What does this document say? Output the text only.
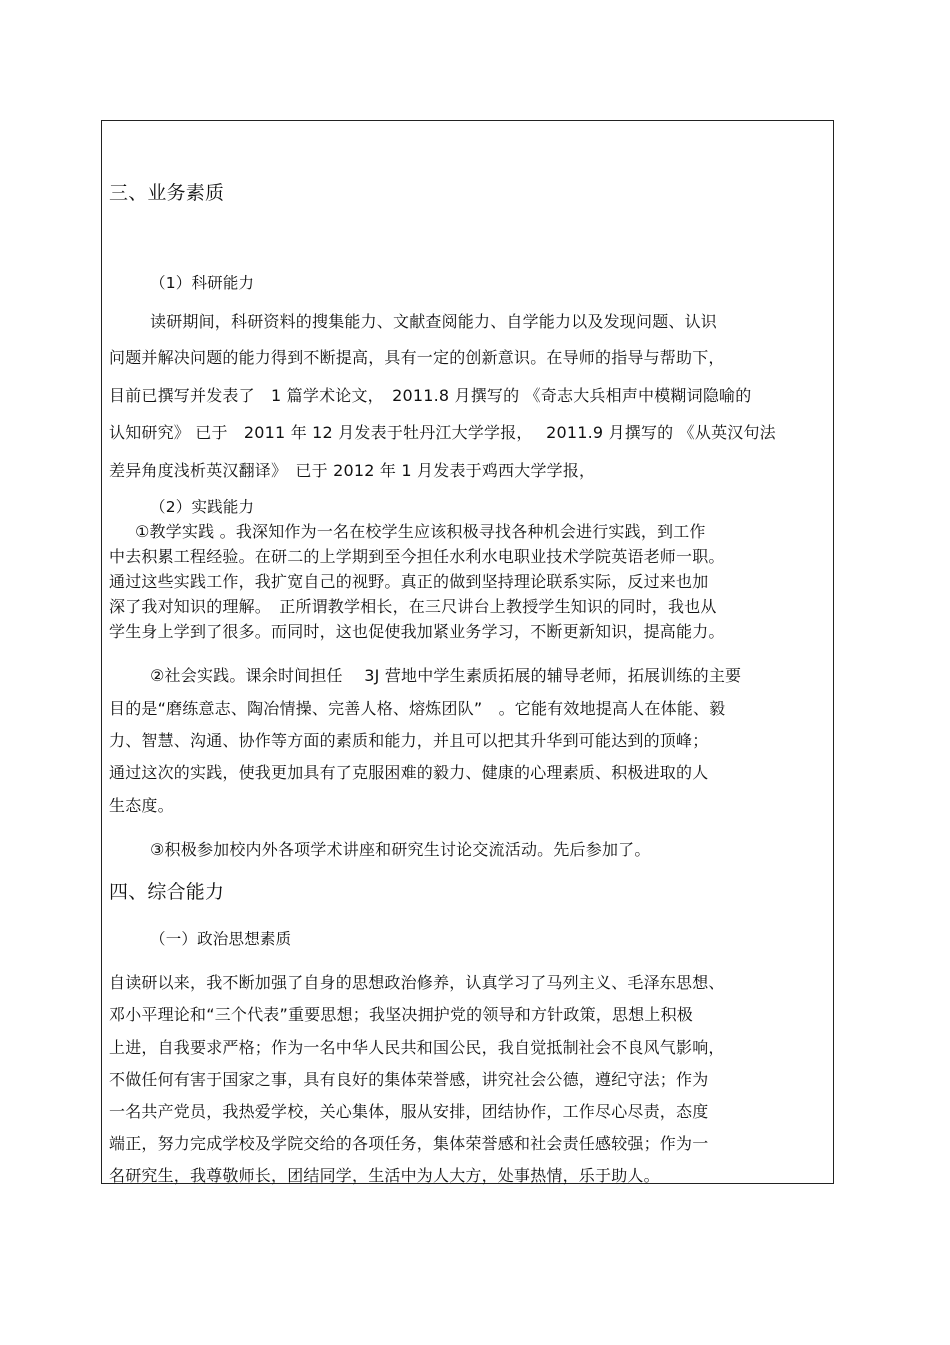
三、业务素质
（1）科研能力
读研期间，科研资料的搜集能力、文献查阅能力、自学能力以及发现问题、认识
问题并解决问题的能力得到不断提高，具有一定的创新意识。在导师的指导与帮助下，
目前已撰写并发表了　1 篇学术论文，　2011.8 月撰写的 《奇志大兵相声中模糊词隐喻的
认知研究》 已于　2011 年 12 月发表于牡丹江大学学报，　 2011.9 月撰写的 《从英汉句法
差异角度浅析英汉翻译》　已于 2012 年 1 月发表于鸡西大学学报，
（2）实践能力
①教学实践 。我深知作为一名在校学生应该积极寻找各种机会进行实践，到工作
中去积累工程经验。在研二的上学期到至今担任水利水电职业技术学院英语老师一职。
通过这些实践工作，我扩宽自己的视野。真正的做到坚持理论联系实际，反过来也加
深了我对知识的理解。　正所谓教学相长，在三尺讲台上教授学生知识的同时，我也从
学生身上学到了很多。而同时，这也促使我加紧业务学习，不断更新知识，提高能力。
②社会实践。课余时间担任　 3J 营地中学生素质拓展的辅导老师，拓展训练的主要
目的是“磨练意志、陶冶情操、完善人格、熔炼团队”　。它能有效地提高人在体能、毅
力、智慧、沟通、协作等方面的素质和能力，并且可以把其升华到可能达到的顶峰；
通过这次的实践，使我更加具有了克服困难的毅力、健康的心理素质、积极进取的人
生态度。
③积极参加校内外各项学术讲座和研究生讨论交流活动。先后参加了。
四、综合能力
（一）政治思想素质
自读研以来，我不断加强了自身的思想政治修养，认真学习了马列主义、毛泽东思想、
邓小平理论和“三个代表”重要思想；我坚决拥护党的领导和方针政策，思想上积极
上进，自我要求严格；作为一名中华人民共和国公民，我自觉抵制社会不良风气影响，
不做任何有害于国家之事，具有良好的集体荣誉感，讲究社会公德，遵纪守法；作为
一名共产党员，我热爱学校，关心集体，服从安排，团结协作，工作尽心尽责，态度
端正，努力完成学校及学院交给的各项任务，集体荣誉感和社会责任感较强；作为一
名研究生，我尊敬师长，团结同学，生活中为人大方，处事热情，乐于助人。
